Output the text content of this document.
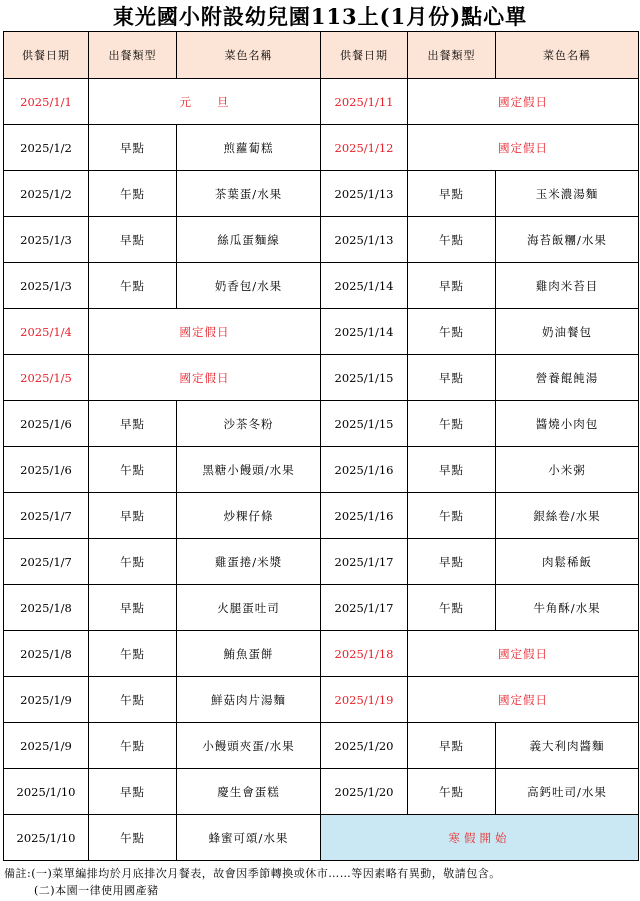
東光國小附設幼兒園113上(1月份)點心單
供餐日期	出餐類型	菜色名稱	供餐日期	出餐類型	菜色名稱
2025/1/1	元　　旦		2025/1/11	國定假日	
2025/1/2	早點	煎蘿蔔糕	2025/1/12	國定假日	
2025/1/2	午點	茶葉蛋/水果	2025/1/13	早點	玉米濃湯麵
2025/1/3	早點	絲瓜蛋麵線	2025/1/13	午點	海苔飯糰/水果
2025/1/3	午點	奶香包/水果	2025/1/14	早點	雞肉米苔目
2025/1/4	國定假日		2025/1/14	午點	奶油餐包
2025/1/5	國定假日		2025/1/15	早點	營養餛飩湯
2025/1/6	早點	沙茶冬粉	2025/1/15	午點	醬燒小肉包
2025/1/6	午點	黑糖小饅頭/水果	2025/1/16	早點	小米粥
2025/1/7	早點	炒粿仔條	2025/1/16	午點	銀絲卷/水果
2025/1/7	午點	雞蛋捲/米漿	2025/1/17	早點	肉鬆稀飯
2025/1/8	早點	火腿蛋吐司	2025/1/17	午點	牛角酥/水果
2025/1/8	午點	鮪魚蛋餅	2025/1/18	國定假日	
2025/1/9	午點	鮮菇肉片湯麵	2025/1/19	國定假日	
2025/1/9	午點	小饅頭夾蛋/水果	2025/1/20	早點	義大利肉醬麵
2025/1/10	早點	慶生會蛋糕	2025/1/20	午點	高鈣吐司/水果
2025/1/10	午點	蜂蜜可頌/水果	寒假開始		
備註:(一)菜單編排均於月底排次月餐表，故會因季節轉換或休市……等因素略有異動，敬請包含。
(二)本園一律使用國產豬
